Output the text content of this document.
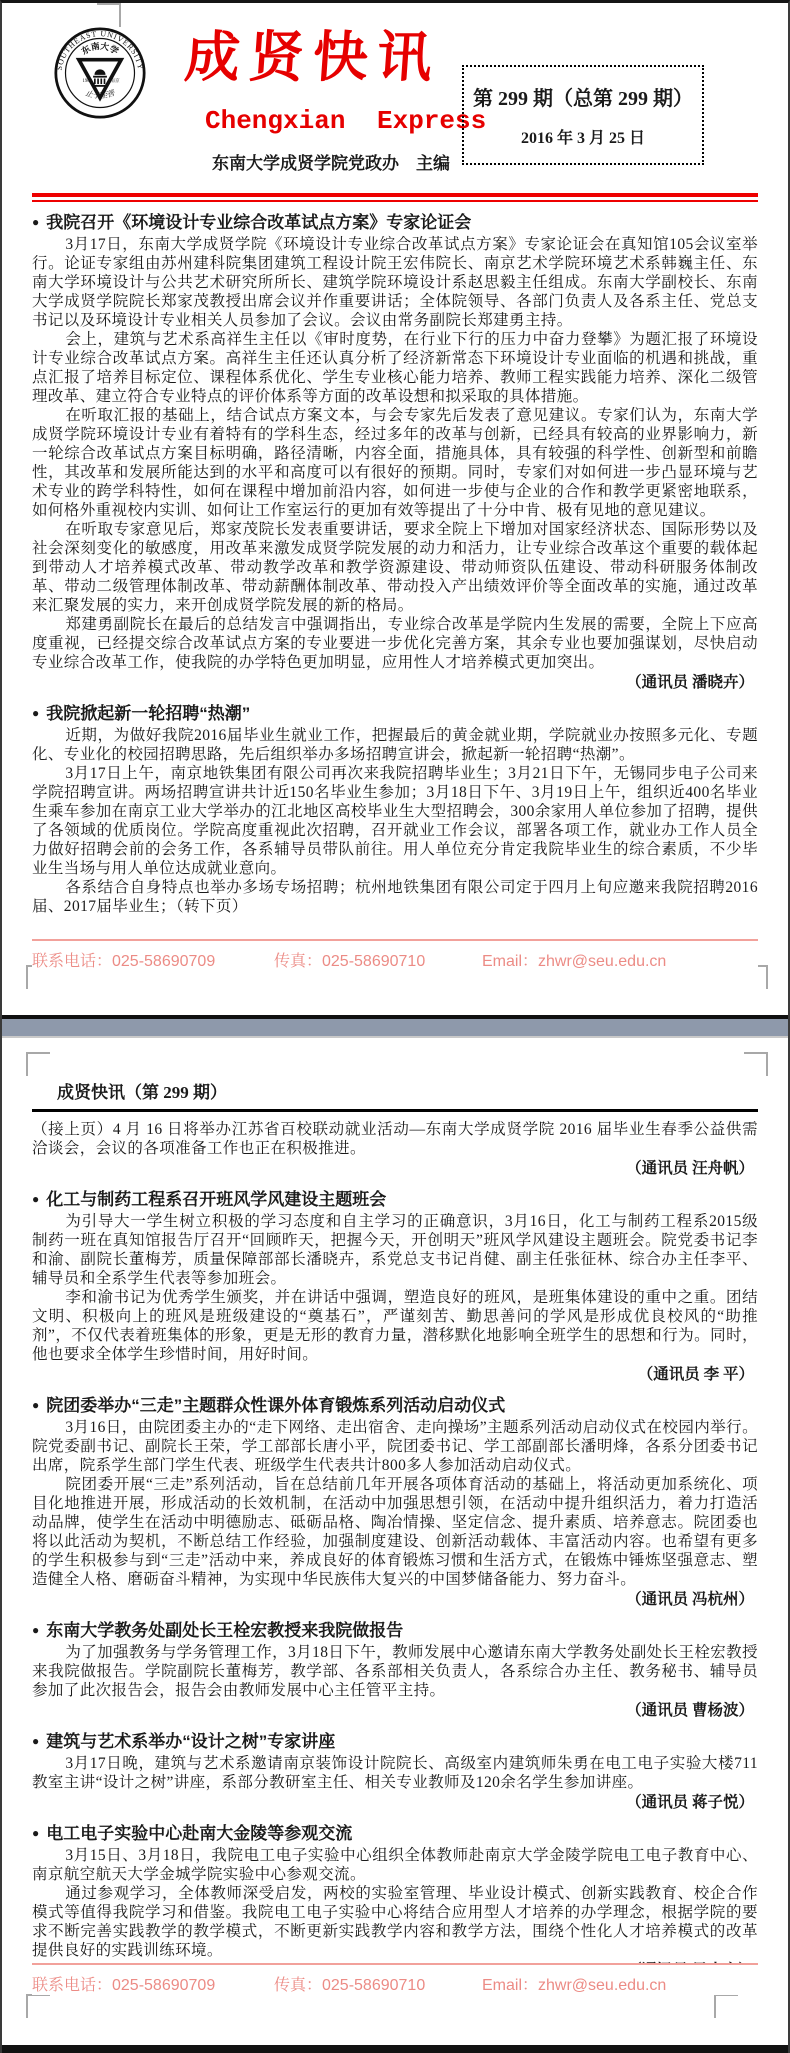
SOUTHEAST UNIVERSITY
东南大学
1902	南京
止于至善
成贤快讯
Chengxian Express
东南大学成贤学院党政办　主编
第 299 期（总第 299 期）
2016 年 3 月 25 日
● 我院召开《环境设计专业综合改革试点方案》专家论证会

3月17日，东南大学成贤学院《环境设计专业综合改革试点方案》专家论证会在真知馆105会议室举行。论证专家组由苏州建科院集团建筑工程设计院王宏伟院长、南京艺术学院环境艺术系韩巍主任、东南大学环境设计与公共艺术研究所所长、建筑学院环境设计系赵思毅主任组成。东南大学副校长、东南大学成贤学院院长郑家茂教授出席会议并作重要讲话；全体院领导、各部门负责人及各系主任、党总支书记以及环境设计专业相关人员参加了会议。会议由常务副院长郑建勇主持。

会上，建筑与艺术系高祥生主任以《审时度势，在行业下行的压力中奋力登攀》为题汇报了环境设计专业综合改革试点方案。高祥生主任还认真分析了经济新常态下环境设计专业面临的机遇和挑战，重点汇报了培养目标定位、课程体系优化、学生专业核心能力培养、教师工程实践能力培养、深化二级管理改革、建立符合专业特点的评价体系等方面的改革设想和拟采取的具体措施。

在听取汇报的基础上，结合试点方案文本，与会专家先后发表了意见建议。专家们认为，东南大学成贤学院环境设计专业有着特有的学科生态，经过多年的改革与创新，已经具有较高的业界影响力，新一轮综合改革试点方案目标明确，路径清晰，内容全面，措施具体，具有较强的科学性、创新型和前瞻性，其改革和发展所能达到的水平和高度可以有很好的预期。同时，专家们对如何进一步凸显环境与艺术专业的跨学科特性，如何在课程中增加前沿内容，如何进一步使与企业的合作和教学更紧密地联系，如何格外重视校内实训、如何让工作室运行的更加有效等提出了十分中肯、极有见地的意见建议。

在听取专家意见后，郑家茂院长发表重要讲话，要求全院上下增加对国家经济状态、国际形势以及社会深刻变化的敏感度，用改革来激发成贤学院发展的动力和活力，让专业综合改革这个重要的载体起到带动人才培养模式改革、带动教学改革和教学资源建设、带动师资队伍建设、带动科研服务体制改革、带动二级管理体制改革、带动薪酬体制改革、带动投入产出绩效评价等全面改革的实施，通过改革来汇聚发展的实力，来开创成贤学院发展的新的格局。

郑建勇副院长在最后的总结发言中强调指出，专业综合改革是学院内生发展的需要，全院上下应高度重视，已经提交综合改革试点方案的专业要进一步优化完善方案，其余专业也要加强谋划，尽快启动专业综合改革工作，使我院的办学特色更加明显，应用性人才培养模式更加突出。

（通讯员 潘晓卉）
● 我院掀起新一轮招聘“热潮”

近期，为做好我院2016届毕业生就业工作，把握最后的黄金就业期，学院就业办按照多元化、专题化、专业化的校园招聘思路，先后组织举办多场招聘宣讲会，掀起新一轮招聘“热潮”。

3月17日上午，南京地铁集团有限公司再次来我院招聘毕业生；3月21日下午，无锡同步电子公司来学院招聘宣讲。两场招聘宣讲共计近150名毕业生参加；3月18日下午、3月19日上午，组织近400名毕业生乘车参加在南京工业大学举办的江北地区高校毕业生大型招聘会，300余家用人单位参加了招聘，提供了各领域的优质岗位。学院高度重视此次招聘，召开就业工作会议，部署各项工作，就业办工作人员全力做好招聘会前的会务工作，各系辅导员带队前往。用人单位充分肯定我院毕业生的综合素质，不少毕业生当场与用人单位达成就业意向。

各系结合自身特点也举办多场专场招聘；杭州地铁集团有限公司定于四月上旬应邀来我院招聘2016届、2017届毕业生；（转下页）

联系电话：025-58690709	传真：025-58690710	Email：zhwr@seu.edu.cn
成贤快讯（第 299 期）

（接上页）4 月 16 日将举办江苏省百校联动就业活动—东南大学成贤学院 2016 届毕业生春季公益供需洽谈会，会议的各项准备工作也正在积极推进。

（通讯员 汪舟帆）
● 化工与制药工程系召开班风学风建设主题班会

为引导大一学生树立积极的学习态度和自主学习的正确意识，3月16日，化工与制药工程系2015级制药一班在真知馆报告厅召开“回顾昨天，把握今天，开创明天”班风学风建设主题班会。院党委书记李和渝、副院长董梅芳，质量保障部部长潘晓卉，系党总支书记肖健、副主任张征林、综合办主任李平、辅导员和全系学生代表等参加班会。

李和渝书记为优秀学生颁奖，并在讲话中强调，塑造良好的班风，是班集体建设的重中之重。团结文明、积极向上的班风是班级建设的“奠基石”，严谨刻苦、勤思善问的学风是形成优良校风的“助推剂”，不仅代表着班集体的形象，更是无形的教育力量，潜移默化地影响全班学生的思想和行为。同时，他也要求全体学生珍惜时间，用好时间。

（通讯员 李 平）
● 院团委举办“三走”主题群众性课外体育锻炼系列活动启动仪式

3月16日，由院团委主办的“走下网络、走出宿舍、走向操场”主题系列活动启动仪式在校园内举行。院党委副书记、副院长王荣，学工部部长唐小平，院团委书记、学工部副部长潘明烽，各系分团委书记出席，院系学生部门学生代表、班级学生代表共计800多人参加活动启动仪式。

院团委开展“三走”系列活动，旨在总结前几年开展各项体育活动的基础上，将活动更加系统化、项目化地推进开展，形成活动的长效机制，在活动中加强思想引领，在活动中提升组织活力，着力打造活动品牌，使学生在活动中明德励志、砥砺品格、陶冶情操、坚定信念、提升素质、培养意志。院团委也将以此活动为契机，不断总结工作经验，加强制度建设、创新活动载体、丰富活动内容。也希望有更多的学生积极参与到“三走”活动中来，养成良好的体育锻炼习惯和生活方式，在锻炼中锤炼坚强意志、塑造健全人格、磨砺奋斗精神，为实现中华民族伟大复兴的中国梦储备能力、努力奋斗。

（通讯员 冯杭州）
● 东南大学教务处副处长王栓宏教授来我院做报告

为了加强教务与学务管理工作，3月18日下午，教师发展中心邀请东南大学教务处副处长王栓宏教授来我院做报告。学院副院长董梅芳，教学部、各系部相关负责人，各系综合办主任、教务秘书、辅导员参加了此次报告会，报告会由教师发展中心主任管平主持。

（通讯员 曹杨波）
● 建筑与艺术系举办“设计之树”专家讲座

3月17日晚，建筑与艺术系邀请南京装饰设计院院长、高级室内建筑师朱勇在电工电子实验大楼711教室主讲“设计之树”讲座，系部分教研室主任、相关专业教师及120余名学生参加讲座。

（通讯员 蒋子悦）
● 电工电子实验中心赴南大金陵等参观交流

3月15日、3月18日，我院电工电子实验中心组织全体教师赴南京大学金陵学院电工电子教育中心、南京航空航天大学金城学院实验中心参观交流。

通过参观学习，全体教师深受启发，两校的实验室管理、毕业设计模式、创新实践教育、校企合作模式等值得我院学习和借鉴。我院电工电子实验中心将结合应用型人才培养的办学理念，根据学院的要求不断完善实践教学的教学模式，不断更新实践教学内容和教学方法，围绕个性化人才培养模式的改革提供良好的实践训练环境。

联系电话：025-58690709	传真：025-58690710	Email：zhwr@seu.edu.cn
